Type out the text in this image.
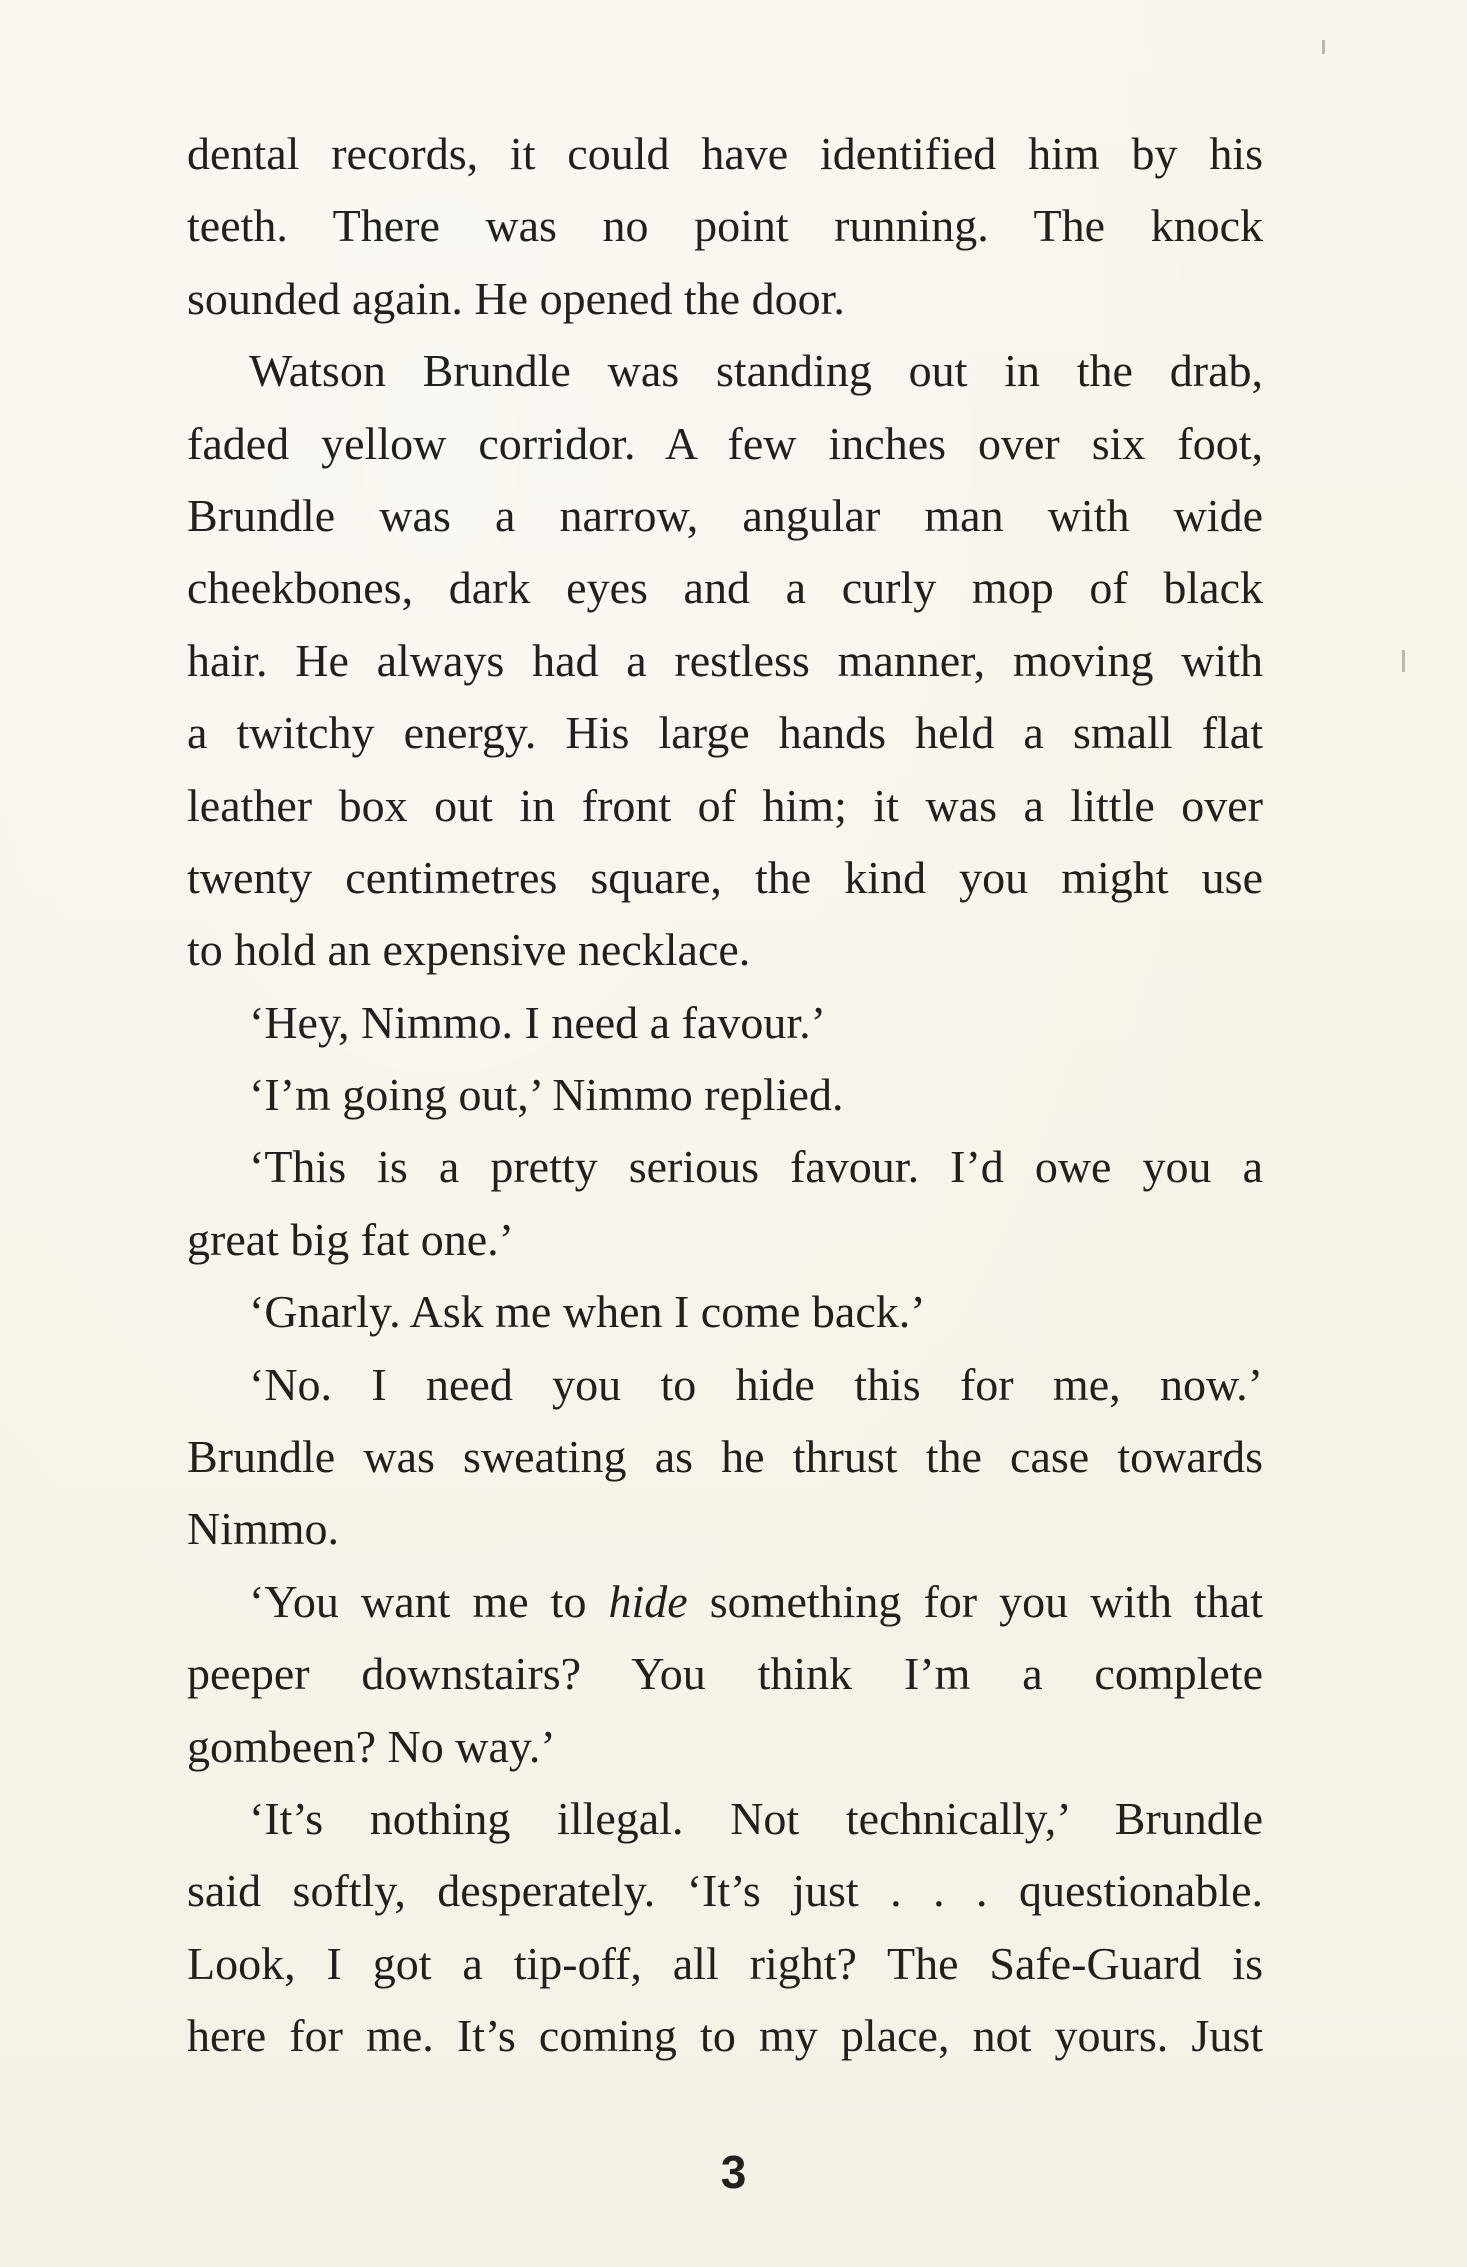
dental records, it could have identified him by his
teeth. There was no point running. The knock
sounded again. He opened the door.
Watson Brundle was standing out in the drab,
faded yellow corridor. A few inches over six foot,
Brundle was a narrow, angular man with wide
cheekbones, dark eyes and a curly mop of black
hair. He always had a restless manner, moving with
a twitchy energy. His large hands held a small flat
leather box out in front of him; it was a little over
twenty centimetres square, the kind you might use
to hold an expensive necklace.
‘Hey, Nimmo. I need a favour.’
‘I’m going out,’ Nimmo replied.
‘This is a pretty serious favour. I’d owe you a
great big fat one.’
‘Gnarly. Ask me when I come back.’
‘No. I need you to hide this for me, now.’
Brundle was sweating as he thrust the case towards
Nimmo.
‘You want me to hide something for you with that
peeper downstairs? You think I’m a complete
gombeen? No way.’
‘It’s nothing illegal. Not technically,’ Brundle
said softly, desperately. ‘It’s just . . . questionable.
Look, I got a tip-off, all right? The Safe-Guard is
here for me. It’s coming to my place, not yours. Just
3
